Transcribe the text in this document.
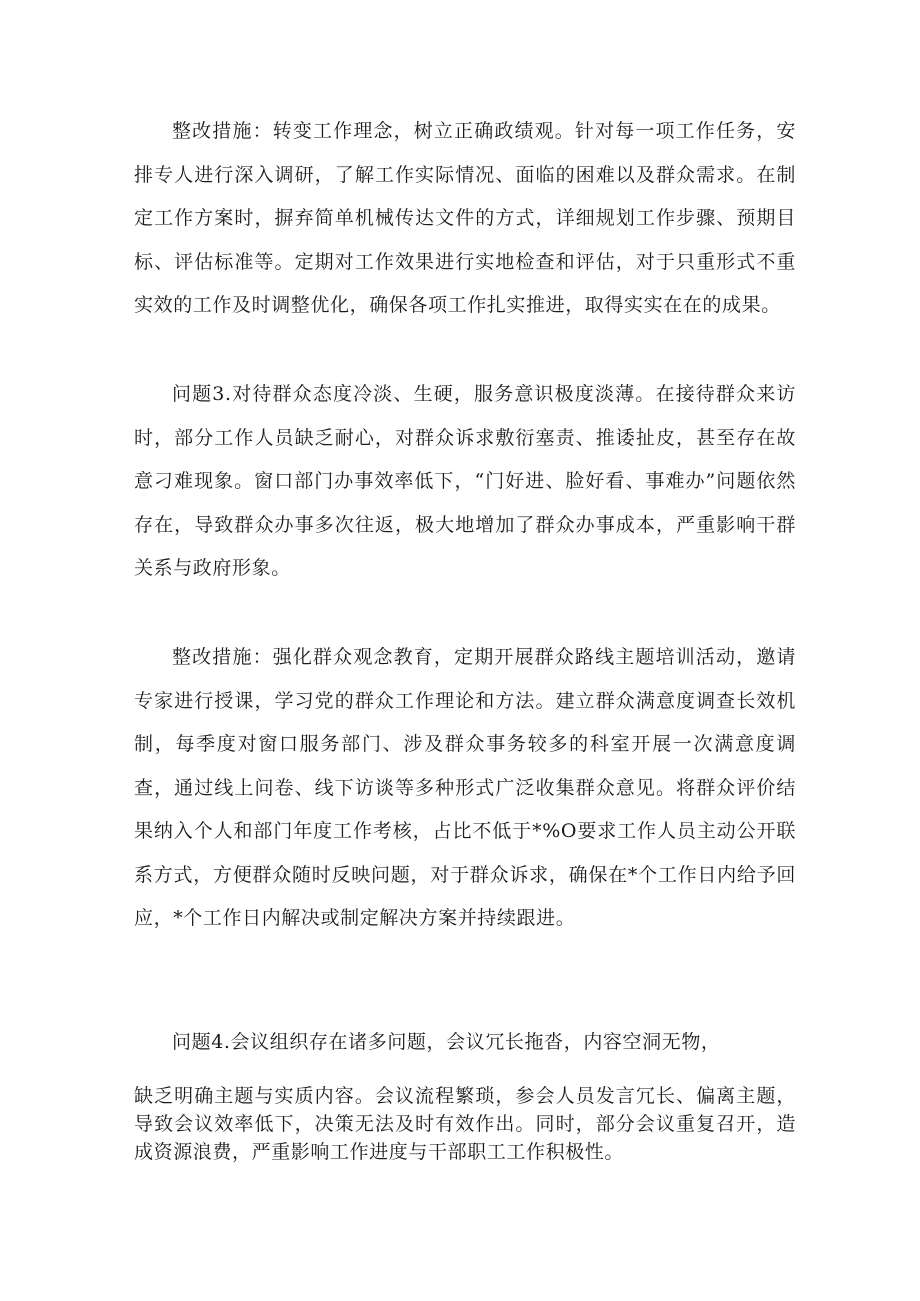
整改措施：转变工作理念，树立正确政绩观。针对每一项工作任务，安排专人进行深入调研，了解工作实际情况、面临的困难以及群众需求。在制定工作方案时，摒弃简单机械传达文件的方式，详细规划工作步骤、预期目标、评估标准等。定期对工作效果进行实地检查和评估，对于只重形式不重实效的工作及时调整优化，确保各项工作扎实推进，取得实实在在的成果。

问题3.对待群众态度冷淡、生硬，服务意识极度淡薄。在接待群众来访时，部分工作人员缺乏耐心，对群众诉求敷衍塞责、推诿扯皮，甚至存在故意刁难现象。窗口部门办事效率低下，“门好进、脸好看、事难办”问题依然存在，导致群众办事多次往返，极大地增加了群众办事成本，严重影响干群关系与政府形象。

整改措施：强化群众观念教育，定期开展群众路线主题培训活动，邀请专家进行授课，学习党的群众工作理论和方法。建立群众满意度调查长效机制，每季度对窗口服务部门、涉及群众事务较多的科室开展一次满意度调查，通过线上问卷、线下访谈等多种形式广泛收集群众意见。将群众评价结果纳入个人和部门年度工作考核，占比不低于*%O要求工作人员主动公开联系方式，方便群众随时反映问题，对于群众诉求，确保在*个工作日内给予回应，*个工作日内解决或制定解决方案并持续跟进。

问题4.会议组织存在诸多问题，会议冗长拖沓，内容空洞无物，

缺乏明确主题与实质内容。会议流程繁琐，参会人员发言冗长、偏离主题，导致会议效率低下，决策无法及时有效作出。同时，部分会议重复召开，造成资源浪费，严重影响工作进度与干部职工工作积极性。
